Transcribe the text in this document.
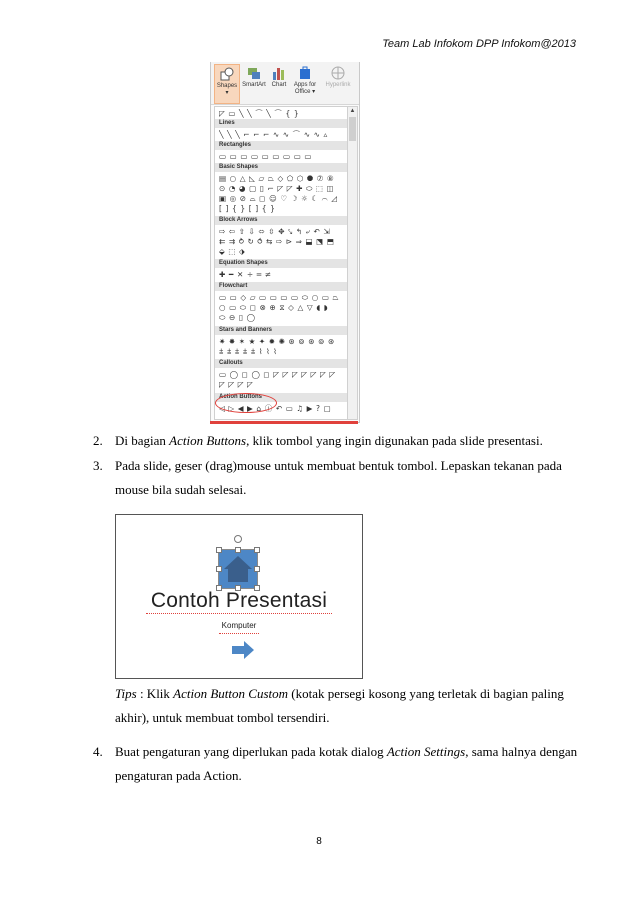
Team Lab Infokom DPP Infokom@2013
Shapes
▾
SmartArt Chart	Apps for
Office ▾
Hyperlink
◸ ▭ ╲ ╲ ⌒ ╲ ⌒ { }
Lines
╲ ╲ ╲ ⌐ ⌐ ⌐ ∿ ∿ ⌒ ∿ ∿ ▵
Rectangles
▭ ▭ ▭ ▭ ▭ ▭ ▭ ▭ ▭
Basic Shapes
▤ ○ △ ◺ ▱ ⏢ ◇ ⬠ ⬡ ⯃ ⑦ ⑧
⊙ ◔ ◕ ▢ ▯ ⌐ ◸ ◸ ✚ ⬭ ⬚ ◫
▣ ◎ ⊘ ⌓ ◻ ☺ ♡ ☽ ☼ ☾ ⌒ ◿
[ ] { } [ ] { }
Block Arrows
⇨ ⇦ ⇧ ⇩ ⬄ ⇳ ✥ ⤥ ↰ ⤶ ↶ ⇲
⇇ ⇉ ⥁ ↻ ⥀ ⇆ ⇨ ⊳ ⇒ ⬓ ⬔ ⬒
⬙ ⬚ ⬗
Equation Shapes
✚ ━ ✕ ÷ ═ ≠
Flowchart
▭ ▭ ◇ ▱ ▭ ▭ ▭ ▭ ⬭ ○ ▭ ⏢
○ ▭ ⬭ ◻ ⊗ ⊕ ⧖ ◇ △ ▽ ◖ ◗
⬭ ⊖ ▯ ◯
Stars and Banners
✷ ✸ ✶ ★ ✦ ✹ ✺ ⊛ ⊚ ⊛ ⊚ ⊛
⩲ ⩲ ⩲ ⩲ ⩲ ⌇ ⌇ ⌇
Callouts
▭ ◯ ◻ ◯ ◻ ◸ ◸ ◸ ◸ ◸ ◸ ◸
◸ ◸ ◸ ◸
Action Buttons
◁ ▷ ◀ ▶ ⌂ ⓘ ↶ ▭ ♫ ▶ ? ▢
▲
2. Di bagian Action Buttons, klik tombol yang ingin digunakan pada slide presentasi.
3. Pada slide, geser (drag)mouse untuk membuat bentuk tombol. Lepaskan tekanan pada
mouse bila sudah selesai.
Contoh Presentasi
Komputer
Tips : Klik Action Button Custom (kotak persegi kosong yang terletak di bagian paling
akhir), untuk membuat tombol tersendiri.
4. Buat pengaturan yang diperlukan pada kotak dialog Action Settings, sama halnya dengan
pengaturan pada Action.
8
